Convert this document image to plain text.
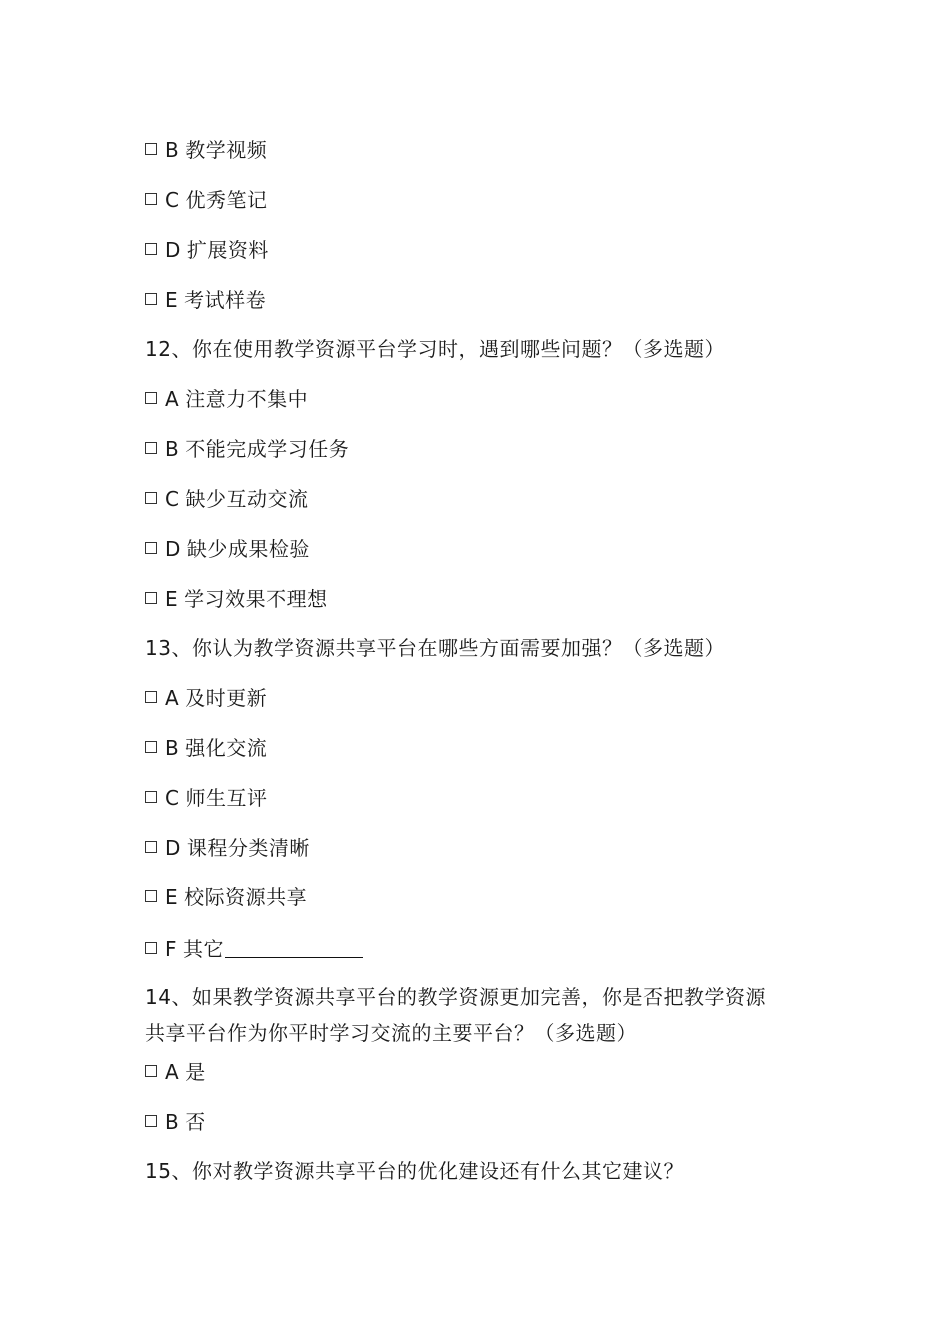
B 教学视频
C 优秀笔记
D 扩展资料
E 考试样卷
12、你在使用教学资源平台学习时，遇到哪些问题？（多选题）
A 注意力不集中
B 不能完成学习任务
C 缺少互动交流
D 缺少成果检验
E 学习效果不理想
13、你认为教学资源共享平台在哪些方面需要加强？（多选题）
A 及时更新
B 强化交流
C 师生互评
D 课程分类清晰
E 校际资源共享
F 其它
14、如果教学资源共享平台的教学资源更加完善，你是否把教学资源
共享平台作为你平时学习交流的主要平台？（多选题）
A 是
B 否
15、你对教学资源共享平台的优化建设还有什么其它建议？
